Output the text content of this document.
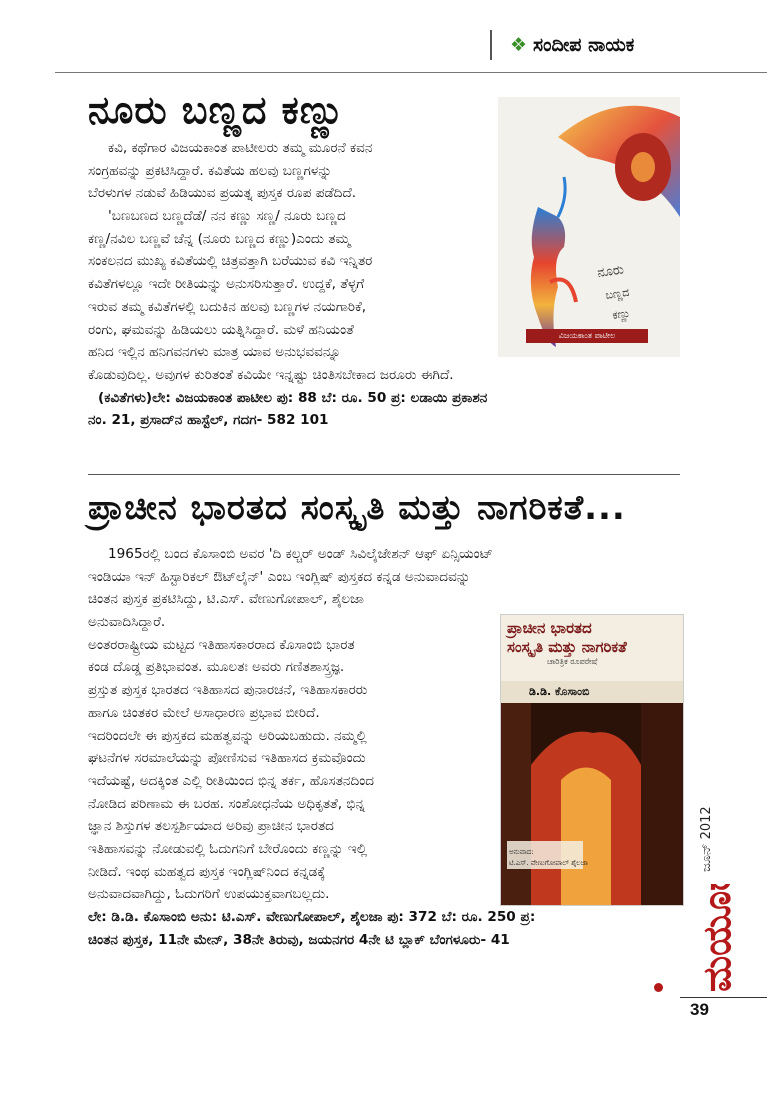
❖ ಸಂದೀಪ ನಾಯಕ
ನೂರು ಬಣ್ಣದ ಕಣ್ಣು
ನೂರು
ಬಣ್ಣದ
ಕಣ್ಣು
ವಿಜಯಕಾಂತ ಪಾಟೀಲ
ಕವಿ, ಕಥೆಗಾರ ವಿಜಯಕಾಂತ ಪಾಟೀಲರು ತಮ್ಮ ಮೂರನೆ ಕವನ
ಸಂಗ್ರಹವನ್ನು ಪ್ರಕಟಿಸಿದ್ದಾರೆ. ಕವಿತೆಯ ಹಲವು ಬಣ್ಣಗಳನ್ನು
ಬೆರಳುಗಳ ನಡುವೆ ಹಿಡಿಯುವ ಪ್ರಯತ್ನ ಪುಸ್ತಕ ರೂಪ ಪಡೆದಿದೆ.
'ಬಣಬಣದ ಬಣ್ಣದೆಡೆ/ ನನ ಕಣ್ಣು ಸಣ್ಣ/ ನೂರು ಬಣ್ಣದ
ಕಣ್ಣ/ನವಿಲ ಬಣ್ಣವೆ ಚೆನ್ನ (ನೂರು ಬಣ್ಣದ ಕಣ್ಣು)ಎಂದು ತಮ್ಮ
ಸಂಕಲನದ ಮುಖ್ಯ ಕವಿತೆಯಲ್ಲಿ ಚಿತ್ರವತ್ತಾಗಿ ಬರೆಯುವ ಕವಿ ಇನ್ನಿತರ
ಕವಿತೆಗಳಲ್ಲೂ ಇದೇ ರೀತಿಯನ್ನು ಅನುಸರಿಸುತ್ತಾರೆ. ಉದ್ದಕೆ, ತೆಳ್ಳಗೆ
ಇರುವ ತಮ್ಮ ಕವಿತೆಗಳಲ್ಲಿ ಬದುಕಿನ ಹಲವು ಬಣ್ಣಗಳ ನಯಗಾರಿಕೆ,
ರಂಗು, ಘಮವನ್ನು ಹಿಡಿಯಲು ಯತ್ನಿಸಿದ್ದಾರೆ. ಮಳೆ ಹನಿಯಂತೆ
ಹನಿದ ಇಲ್ಲಿನ ಹನಿಗವನಗಳು ಮಾತ್ರ ಯಾವ ಅನುಭವವನ್ನೂ
ಕೊಡುವುದಿಲ್ಲ. ಅವುಗಳ ಕುರಿತಂತೆ ಕವಿಯೇ ಇನ್ನಷ್ಟು ಚಿಂತಿಸಬೇಕಾದ ಜರೂರು ಈಗಿದೆ.
(ಕವಿತೆಗಳು)ಲೇ: ವಿಜಯಕಾಂತ ಪಾಟೀಲ ಪು: 88 ಬೆ: ರೂ. 50 ಪ್ರ: ಲಡಾಯಿ ಪ್ರಕಾಶನ
ನಂ. 21, ಪ್ರಸಾದ್‌ನ ಹಾಸ್ಟೆಲ್, ಗದಗ- 582 101
ಪ್ರಾಚೀನ ಭಾರತದ ಸಂಸ್ಕೃತಿ ಮತ್ತು ನಾಗರಿಕತೆ...
ಪ್ರಾಚೀನ ಭಾರತದ
ಸಂಸ್ಕೃತಿ ಮತ್ತು ನಾಗರಿಕತೆ
ಚಾರಿತ್ರಿಕ ರೂಪರೇಷೆ
ಡಿ.ಡಿ. ಕೊಸಾಂಬಿ
ಅನುವಾದ:
ಟಿ.ಎಸ್. ವೇಣುಗೋಪಾಲ್ ಶೈಲಜಾ
1965ರಲ್ಲಿ ಬಂದ ಕೊಸಾಂಬಿ ಅವರ 'ದಿ ಕಲ್ಚರ್ ಅಂಡ್ ಸಿವಿಲೈಜೇಶನ್ ಆಫ್ ಏನ್ಸಿಯಂಟ್
ಇಂಡಿಯಾ ಇನ್ ಹಿಸ್ಟಾರಿಕಲ್ ಔಟ್‌ಲೈನ್' ಎಂಬ ಇಂಗ್ಲಿಷ್ ಪುಸ್ತಕದ ಕನ್ನಡ ಅನುವಾದವನ್ನು
ಚಿಂತನ ಪುಸ್ತಕ ಪ್ರಕಟಿಸಿದ್ದು, ಟಿ.ಎಸ್. ವೇಣುಗೋಪಾಲ್, ಶೈಲಜಾ
ಅನುವಾದಿಸಿದ್ದಾರೆ.
ಅಂತರರಾಷ್ಟ್ರೀಯ ಮಟ್ಟದ ಇತಿಹಾಸಕಾರರಾದ ಕೊಸಾಂಬಿ ಭಾರತ
ಕಂಡ ದೊಡ್ಡ ಪ್ರತಿಭಾವಂತ. ಮೂಲತಃ ಅವರು ಗಣಿತಶಾಸ್ತ್ರಜ್ಞ.
ಪ್ರಸ್ತುತ ಪುಸ್ತಕ ಭಾರತದ ಇತಿಹಾಸದ ಪುನಾರಚನೆ, ಇತಿಹಾಸಕಾರರು
ಹಾಗೂ ಚಿಂತಕರ ಮೇಲೆ ಅಸಾಧಾರಣ ಪ್ರಭಾವ ಬೀರಿದೆ.
ಇದರಿಂದಲೇ ಈ ಪುಸ್ತಕದ ಮಹತ್ವವನ್ನು ಅರಿಯಬಹುದು. ನಮ್ಮಲ್ಲಿ
ಘಟನೆಗಳ ಸರಮಾಲೆಯನ್ನು ಪೋಣಿಸುವ ಇತಿಹಾಸದ ಕ್ರಮವೊಂದು
ಇದೆಯಷ್ಟೆ, ಅದಕ್ಕಿಂತ ಎಲ್ಲಿ ರೀತಿಯಿಂದ ಭಿನ್ನ ತರ್ಕ, ಹೊಸತನದಿಂದ
ನೋಡಿದ ಪರಿಣಾಮ ಈ ಬರಹ. ಸಂಶೋಧನೆಯ ಅಧಿಕೃತತೆ, ಭಿನ್ನ
ಜ್ಞಾನ ಶಿಸ್ತುಗಳ ತಲಸ್ಪರ್ಶಿಯಾದ ಅರಿವು ಪ್ರಾಚೀನ ಭಾರತದ
ಇತಿಹಾಸವನ್ನು ನೋಡುವಲ್ಲಿ ಓದುಗನಿಗೆ ಬೇರೊಂದು ಕಣ್ಣನ್ನು ಇಲ್ಲಿ
ನೀಡಿದೆ. ಇಂಥ ಮಹತ್ವದ ಪುಸ್ತಕ ಇಂಗ್ಲಿಷ್‌ನಿಂದ ಕನ್ನಡಕ್ಕೆ
ಅನುವಾದವಾಗಿದ್ದು, ಓದುಗರಿಗೆ ಉಪಯುಕ್ತವಾಗಬಲ್ಲದು.
ಲೇ: ಡಿ.ಡಿ. ಕೊಸಾಂಬಿ ಅನು: ಟಿ.ಎಸ್. ವೇಣುಗೋಪಾಲ್, ಶೈಲಜಾ ಪು: 372 ಬೆ: ರೂ. 250 ಪ್ರ:
ಚಿಂತನ ಪುಸ್ತಕ, 11ನೇ ಮೇನ್, 38ನೇ ತಿರುವು, ಜಯನಗರ 4ನೇ ಟಿ ಬ್ಲಾಕ್ ಬೆಂಗಳೂರು- 41
ಜೂನ್ 2012
ಮಯೂರ
39
